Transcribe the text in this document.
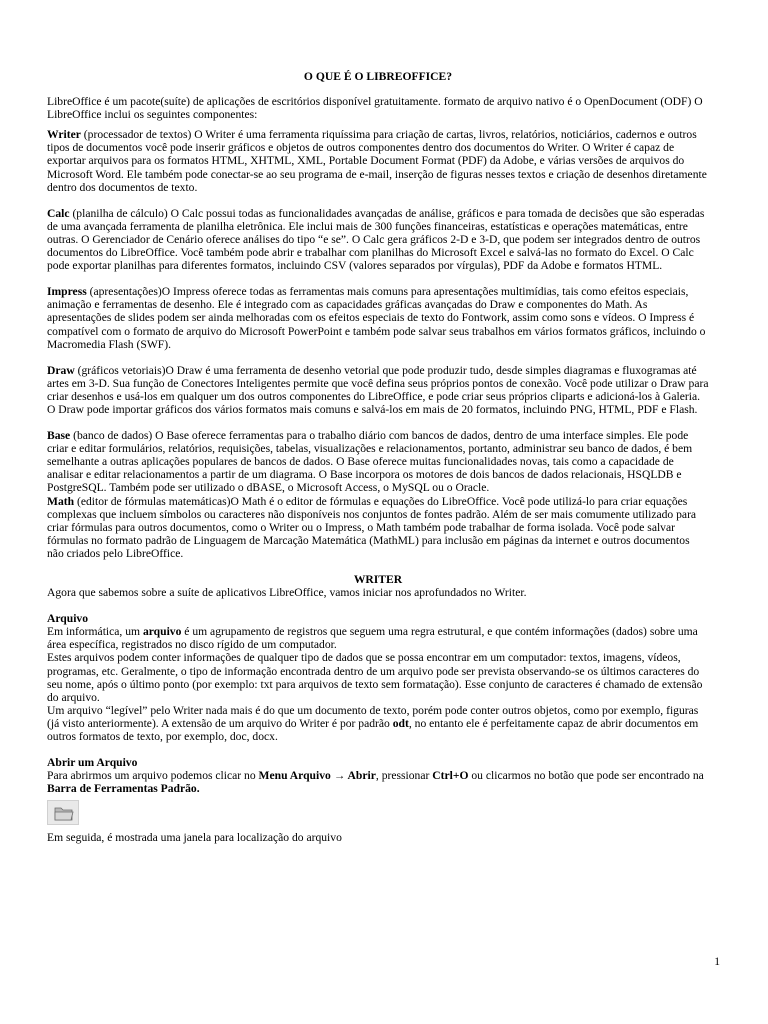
O QUE É O LIBREOFFICE?

LibreOffice é um pacote(suíte) de aplicações de escritórios disponível gratuitamente. formato de arquivo nativo é o OpenDocument (ODF) O LibreOffice inclui os seguintes componentes:

Writer (processador de textos) O Writer é uma ferramenta riquíssima para criação de cartas, livros, relatórios, noticiários, cadernos e outros tipos de documentos você pode inserir gráficos e objetos de outros componentes dentro dos documentos do Writer. O Writer é capaz de exportar arquivos para os formatos HTML, XHTML, XML, Portable Document Format (PDF) da Adobe, e várias versões de arquivos do Microsoft Word. Ele também pode conectar-se ao seu programa de e-mail, inserção de figuras nesses textos e criação de desenhos diretamente dentro dos documentos de texto.

Calc (planilha de cálculo) O Calc possui todas as funcionalidades avançadas de análise, gráficos e para tomada de decisões que são esperadas de uma avançada ferramenta de planilha eletrônica. Ele inclui mais de 300 funções financeiras, estatísticas e operações matemáticas, entre outras. O Gerenciador de Cenário oferece análises do tipo “e se”. O Calc gera gráficos 2-D e 3-D, que podem ser integrados dentro de outros documentos do LibreOffice. Você também pode abrir e trabalhar com planilhas do Microsoft Excel e salvá-las no formato do Excel. O Calc pode exportar planilhas para diferentes formatos, incluindo CSV (valores separados por vírgulas), PDF da Adobe e formatos HTML.

Impress (apresentações)O Impress oferece todas as ferramentas mais comuns para apresentações multimídias, tais como efeitos especiais, animação e ferramentas de desenho. Ele é integrado com as capacidades gráficas avançadas do Draw e componentes do Math. As apresentações de slides podem ser ainda melhoradas com os efeitos especiais de texto do Fontwork, assim como sons e vídeos. O Impress é compatível com o formato de arquivo do Microsoft PowerPoint e também pode salvar seus trabalhos em vários formatos gráficos, incluindo o Macromedia Flash (SWF).

Draw (gráficos vetoriais)O Draw é uma ferramenta de desenho vetorial que pode produzir tudo, desde simples diagramas e fluxogramas até artes em 3-D. Sua função de Conectores Inteligentes permite que você defina seus próprios pontos de conexão. Você pode utilizar o Draw para criar desenhos e usá-los em qualquer um dos outros componentes do LibreOffice, e pode criar seus próprios cliparts e adicioná-los à Galeria. O Draw pode importar gráficos dos vários formatos mais comuns e salvá-los em mais de 20 formatos, incluindo PNG, HTML, PDF e Flash.

Base (banco de dados) O Base oferece ferramentas para o trabalho diário com bancos de dados, dentro de uma interface simples. Ele pode criar e editar formulários, relatórios, requisições, tabelas, visualizações e relacionamentos, portanto, administrar seu banco de dados, é bem semelhante a outras aplicações populares de bancos de dados. O Base oferece muitas funcionalidades novas, tais como a capacidade de analisar e editar relacionamentos a partir de um diagrama. O Base incorpora os motores de dois bancos de dados relacionais, HSQLDB e PostgreSQL. Também pode ser utilizado o dBASE, o Microsoft Access, o MySQL ou o Oracle.

Math (editor de fórmulas matemáticas)O Math é o editor de fórmulas e equações do LibreOffice. Você pode utilizá-lo para criar equações complexas que incluem símbolos ou caracteres não disponíveis nos conjuntos de fontes padrão. Além de ser mais comumente utilizado para criar fórmulas para outros documentos, como o Writer ou o Impress, o Math também pode trabalhar de forma isolada. Você pode salvar fórmulas no formato padrão de Linguagem de Marcação Matemática (MathML) para inclusão em páginas da internet e outros documentos não criados pelo LibreOffice.

WRITER

Agora que sabemos sobre a suíte de aplicativos LibreOffice, vamos iniciar nos aprofundados no Writer.

Arquivo

Em informática, um arquivo é um agrupamento de registros que seguem uma regra estrutural, e que contém informações (dados) sobre uma área específica, registrados no disco rígido de um computador.

Estes arquivos podem conter informações de qualquer tipo de dados que se possa encontrar em um computador: textos, imagens, vídeos, programas, etc. Geralmente, o tipo de informação encontrada dentro de um arquivo pode ser prevista observando-se os últimos caracteres do seu nome, após o último ponto (por exemplo: txt para arquivos de texto sem formatação). Esse conjunto de caracteres é chamado de extensão do arquivo.

Um arquivo “legível” pelo Writer nada mais é do que um documento de texto, porém pode conter outros objetos, como por exemplo, figuras (já visto anteriormente). A extensão de um arquivo do Writer é por padrão odt, no entanto ele é perfeitamente capaz de abrir documentos em outros formatos de texto, por exemplo, doc, docx.

Abrir um Arquivo

Para abrirmos um arquivo podemos clicar no Menu Arquivo → Abrir, pressionar Ctrl+O ou clicarmos no botão que pode ser encontrado na Barra de Ferramentas Padrão.

Em seguida, é mostrada uma janela para localização do arquivo

1
